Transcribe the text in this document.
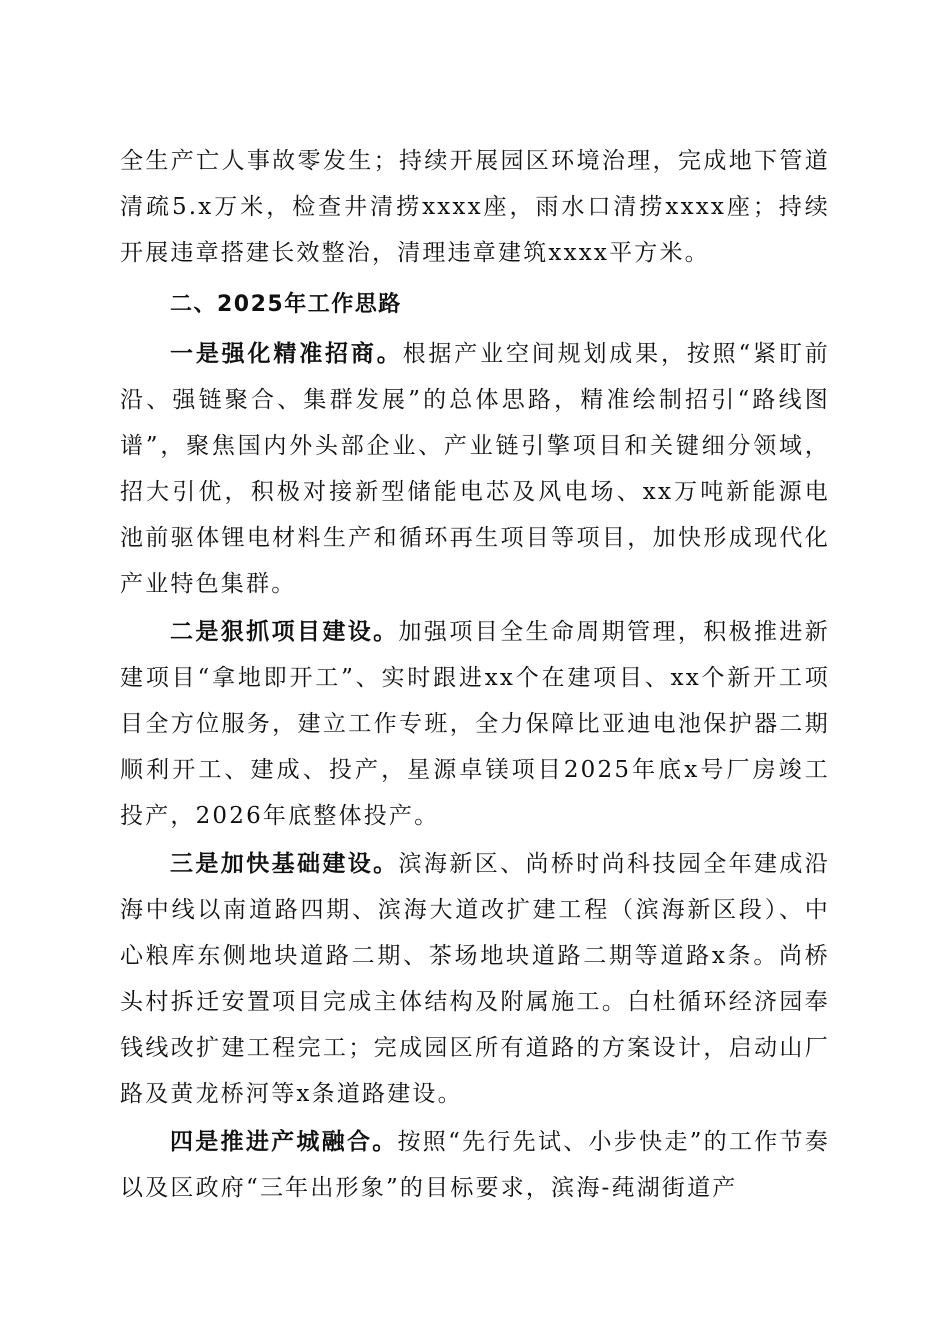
全生产亡人事故零发生；持续开展园区环境治理，完成地下管道清疏5.x万米，检查井清捞xxxx座，雨水口清捞xxxx座；持续开展违章搭建长效整治，清理违章建筑xxxx平方米。

二、2025年工作思路

一是强化精准招商。根据产业空间规划成果，按照“紧盯前沿、强链聚合、集群发展”的总体思路，精准绘制招引“路线图谱”，聚焦国内外头部企业、产业链引擎项目和关键细分领域，招大引优，积极对接新型储能电芯及风电场、xx万吨新能源电池前驱体锂电材料生产和循环再生项目等项目，加快形成现代化产业特色集群。

二是狠抓项目建设。加强项目全生命周期管理，积极推进新建项目“拿地即开工”、实时跟进xx个在建项目、xx个新开工项目全方位服务，建立工作专班，全力保障比亚迪电池保护器二期顺利开工、建成、投产，星源卓镁项目2025年底x号厂房竣工投产，2026年底整体投产。

三是加快基础建设。滨海新区、尚桥时尚科技园全年建成沿海中线以南道路四期、滨海大道改扩建工程（滨海新区段）、中心粮库东侧地块道路二期、茶场地块道路二期等道路x条。尚桥头村拆迁安置项目完成主体结构及附属施工。白杜循环经济园奉钱线改扩建工程完工；完成园区所有道路的方案设计，启动山厂路及黄龙桥河等x条道路建设。

四是推进产城融合。按照“先行先试、小步快走”的工作节奏以及区政府“三年出形象”的目标要求，滨海-莼湖街道产
